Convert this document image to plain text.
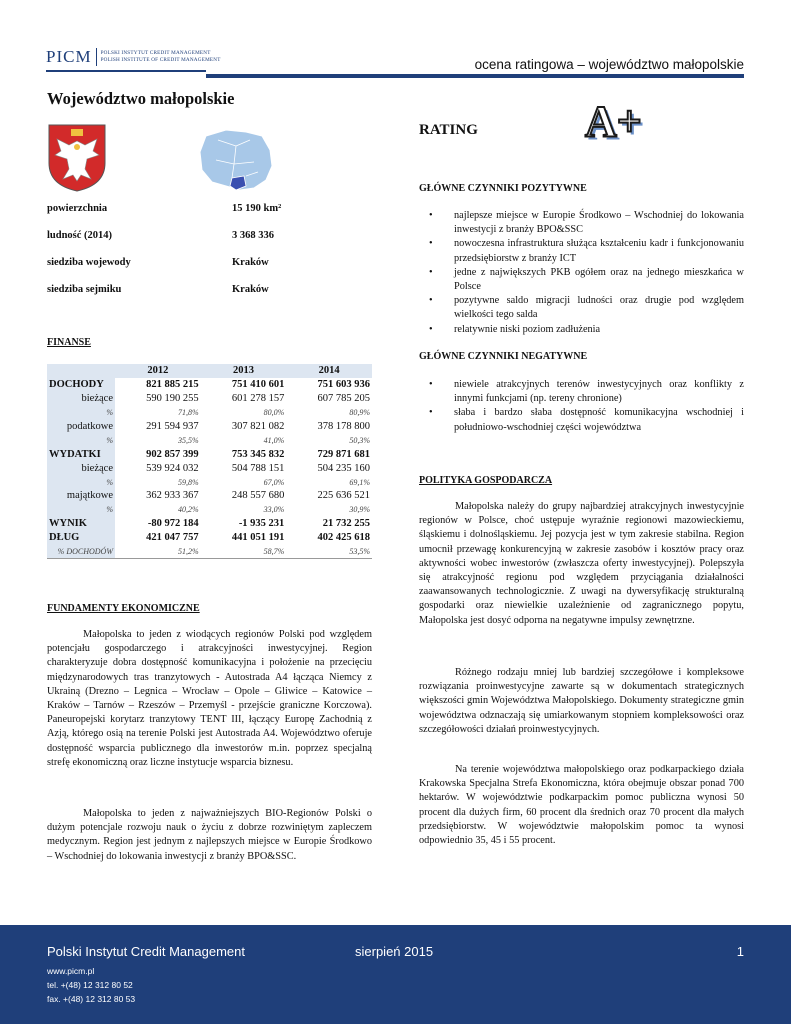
PICM POLSKI INSTYTUT CREDIT MANAGEMENT
POLISH INSTITUTE OF CREDIT MANAGEMENT	ocena ratingowa – województwo małopolskie
Województwo małopolskie
powierzchnia	15 190 km²
ludność (2014)	3 368 336
siedziba wojewody	Kraków
siedziba sejmiku	Kraków
FINANSE
	2012	2013	2014
DOCHODY	821 885 215	751 410 601	751 603 936
bieżące	590 190 255	601 278 157	607 785 205
%	71,8%	80,0%	80,9%
podatkowe	291 594 937	307 821 082	378 178 800
%	35,5%	41,0%	50,3%
WYDATKI	902 857 399	753 345 832	729 871 681
bieżące	539 924 032	504 788 151	504 235 160
%	59,8%	67,0%	69,1%
majątkowe	362 933 367	248 557 680	225 636 521
%	40,2%	33,0%	30,9%
WYNIK	-80 972 184	-1 935 231	21 732 255
DŁUG	421 047 757	441 051 191	402 425 618
% DOCHODÓW	51,2%	58,7%	53,5%
FUNDAMENTY EKONOMICZNE
Małopolska to jeden z wiodących regionów Polski pod względem potencjału gospodarczego i atrakcyjności inwestycyjnej. Region charakteryzuje dobra dostępność komunikacyjna i położenie na przecięciu międzynarodowych tras tranzytowych - Autostrada A4 łącząca Niemcy z Ukrainą (Drezno – Legnica – Wrocław – Opole – Gliwice – Katowice – Kraków – Tarnów – Rzeszów – Przemyśl - przejście graniczne Korczowa). Paneuropejski korytarz tranzytowy TENT III, łączący Europę Zachodnią z Azją, którego osią na terenie Polski jest Autostrada A4. Województwo oferuje dostępność wsparcia publicznego dla inwestorów m.in. poprzez specjalną strefę ekonomiczną oraz liczne instytucje wsparcia biznesu.
Małopolska to jeden z najważniejszych BIO-Regionów Polski o dużym potencjale rozwoju nauk o życiu z dobrze rozwiniętym zapleczem medycznym. Region jest jednym z najlepszych miejsce w Europie Środkowo – Wschodniej do lokowania inwestycji z branży BPO&SSC.
RATING A+
GŁÓWNE CZYNNIKI POZYTYWNE
• najlepsze miejsce w Europie Środkowo – Wschodniej do lokowania inwestycji z branży BPO&SSC
• nowoczesna infrastruktura służąca kształceniu kadr i funkcjonowaniu przedsiębiorstw z branży ICT
• jedne z największych PKB ogółem oraz na jednego mieszkańca w Polsce
• pozytywne saldo migracji ludności oraz drugie pod względem wielkości tego salda
• relatywnie niski poziom zadłużenia
GŁÓWNE CZYNNIKI NEGATYWNE
• niewiele atrakcyjnych terenów inwestycyjnych oraz konflikty z innymi funkcjami (np. tereny chronione)
• słaba i bardzo słaba dostępność komunikacyjna wschodniej i południowo-wschodniej części województwa
POLITYKA GOSPODARCZA
Małopolska należy do grupy najbardziej atrakcyjnych inwestycyjnie regionów w Polsce, choć ustępuje wyraźnie regionowi mazowieckiemu, śląskiemu i dolnośląskiemu. Jej pozycja jest w tym zakresie stabilna. Region umocnił przewagę konkurencyjną w zakresie zasobów i kosztów pracy oraz aktywności wobec inwestorów (zwłaszcza oferty inwestycyjnej). Polepszyła się atrakcyjność regionu pod względem przyciągania działalności zaawansowanych technologicznie. Z uwagi na dywersyfikację strukturalną gospodarki oraz niewielkie uzależnienie od zagranicznego popytu, Małopolska jest dosyć odporna na negatywne impulsy zewnętrzne.
Różnego rodzaju mniej lub bardziej szczegółowe i kompleksowe rozwiązania proinwestycyjne zawarte są w dokumentach strategicznych większości gmin Województwa Małopolskiego. Dokumenty strategiczne gmin województwa odznaczają się umiarkowanym stopniem kompleksowości oraz szczegółowości działań proinwestycyjnych.
Na terenie województwa małopolskiego oraz podkarpackiego działa Krakowska Specjalna Strefa Ekonomiczna, która obejmuje obszar ponad 700 hektarów. W województwie podkarpackim pomoc publiczna wynosi 50 procent dla dużych firm, 60 procent dla średnich oraz 70 procent dla małych przedsiębiorstw. W województwie małopolskim pomoc ta wynosi odpowiednio 35, 45 i 55 procent.
Polski Instytut Credit Management	sierpień 2015	1
www.picm.pl
tel. +(48) 12 312 80 52
fax. +(48) 12 312 80 53
